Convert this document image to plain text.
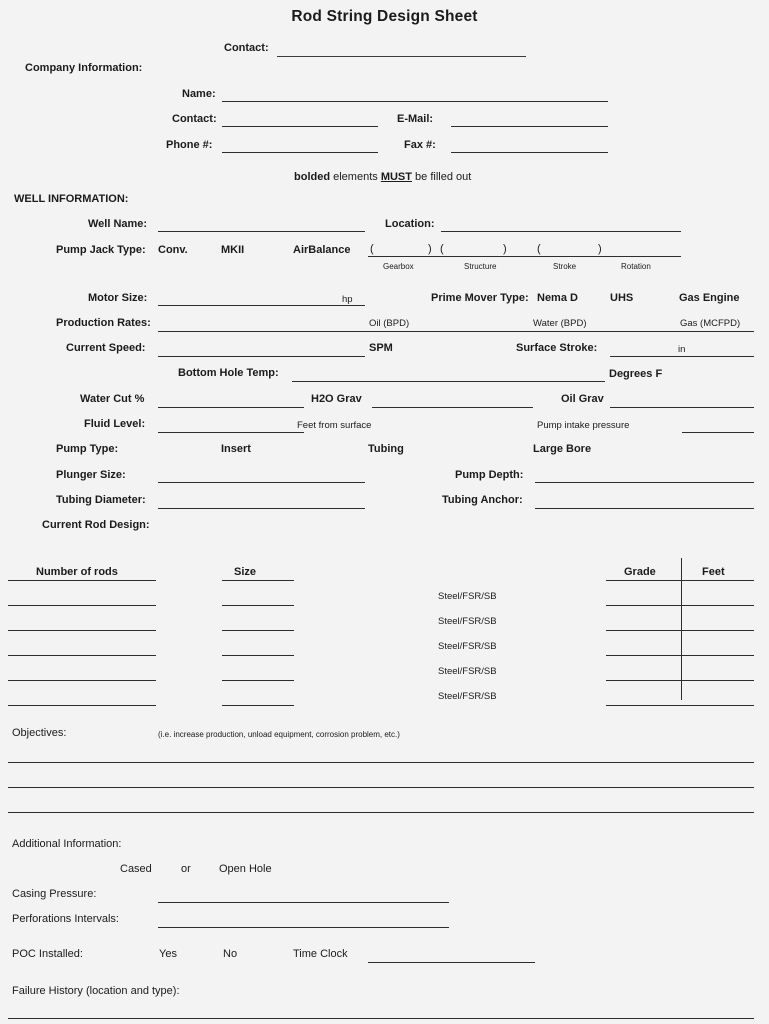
Rod String Design Sheet
Contact:
Company Information:
Name:
Contact:	E-Mail:
Phone #:	Fax #:
bolded elements MUST be filled out
WELL INFORMATION:
Well Name:	Location:
Pump Jack Type: Conv.	MKII	AirBalance (	) (	)	(	)
Gearbox	Structure	Stroke	Rotation
Motor Size:	hp	Prime Mover Type: Nema D	UHS	Gas Engine
Production Rates:	Oil (BPD)	Water (BPD)	Gas (MCFPD)
Current Speed:	SPM	Surface Stroke:	in
Bottom Hole Temp:	Degrees F
Water Cut %	H2O Grav	Oil Grav
Fluid Level:	Feet from surface	Pump intake pressure
Pump Type:	Insert	Tubing	Large Bore
Plunger Size:	Pump Depth:
Tubing Diameter:	Tubing Anchor:
Current Rod Design:
Number of rods	Size	Grade	Feet
Steel/FSR/SB
Steel/FSR/SB
Steel/FSR/SB
Steel/FSR/SB
Steel/FSR/SB
Objectives:	(i.e. increase production, unload equipment, corrosion problem, etc.)
Additional Information:
Cased	or	Open Hole
Casing Pressure:
Perforations Intervals:
POC Installed:	Yes	No	Time Clock
Failure History (location and type):
